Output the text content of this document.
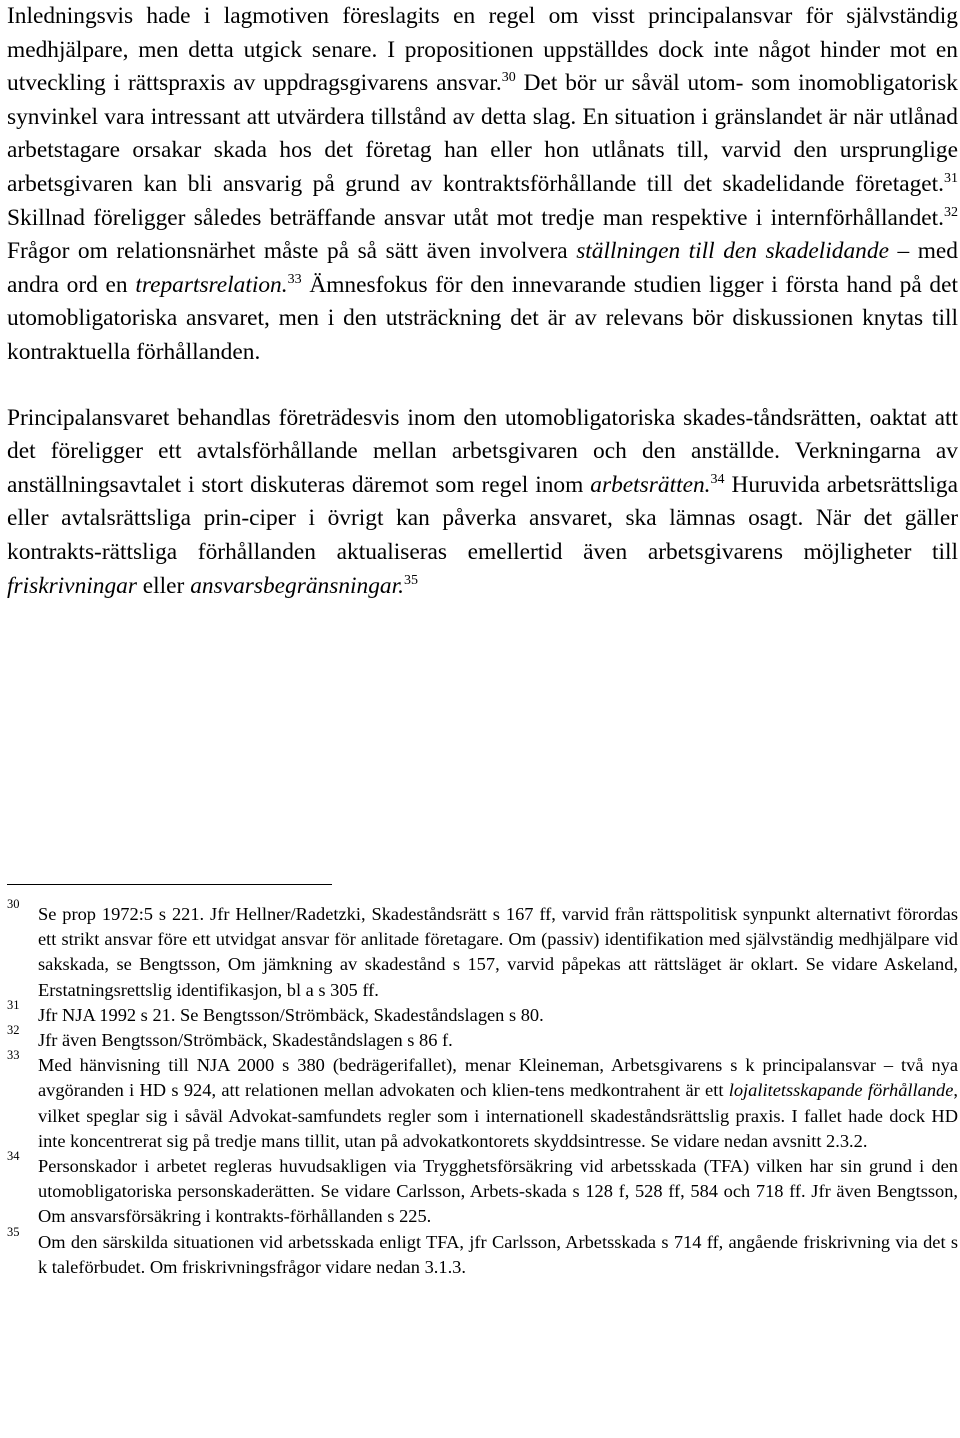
Inledningsvis hade i lagmotiven föreslagits en regel om visst principalansvar för självständig medhjälpare, men detta utgick senare. I propositionen uppställdes dock inte något hinder mot en utveckling i rättspraxis av uppdragsgivarens ansvar.$^{30}$ Det bör ur såväl utom- som inomobligatorisk synvinkel vara intressant att utvärdera tillstånd av detta slag. En situation i gränslandet är när utlånad arbetstagare orsakar skada hos det företag han eller hon utlånats till, varvid den ursprunglige arbetsgivaren kan bli ansvarig på grund av kontraktsförhållande till det skadelidande företaget.$^{31}$ Skillnad föreligger således beträffande ansvar utåt mot tredje man respektive i internförhållandet.$^{32}$ Frågor om relationsnärhet måste på så sätt även involvera ställningen till den skadelidande – med andra ord en trepartsrelation.$^{33}$ Ämnesfokus för den innevarande studien ligger i första hand på det utomobligatoriska ansvaret, men i den utsträckning det är av relevans bör diskussionen knytas till kontraktuella förhållanden.

Principalansvaret behandlas företrädesvis inom den utomobligatoriska skades-tåndsrätten, oaktat att det föreligger ett avtalsförhållande mellan arbetsgivaren och den anställde. Verkningarna av anställningsavtalet i stort diskuteras däremot som regel inom arbetsrätten.$^{34}$ Huruvida arbetsrättsliga eller avtalsrättsliga prin-ciper i övrigt kan påverka ansvaret, ska lämnas osagt. När det gäller kontrakts-rättsliga förhållanden aktualiseras emellertid även arbetsgivarens möjligheter till friskrivningar eller ansvarsbegränsningar.$^{35}$

30 Se prop 1972:5 s 221. Jfr Hellner/Radetzki, Skadeståndsrätt s 167 ff, varvid från rättspolitisk synpunkt alternativt förordas ett strikt ansvar före ett utvidgat ansvar för anlitade företagare. Om (passiv) identifikation med självständig medhjälpare vid sakskada, se Bengtsson, Om jämkning av skadestånd s 157, varvid påpekas att rättsläget är oklart. Se vidare Askeland, Erstatningsrettslig identifikasjon, bl a s 305 ff.

31 Jfr NJA 1992 s 21. Se Bengtsson/Strömbäck, Skadeståndslagen s 80.

32 Jfr även Bengtsson/Strömbäck, Skadeståndslagen s 86 f.

33 Med hänvisning till NJA 2000 s 380 (bedrägerifallet), menar Kleineman, Arbetsgivarens s k principalansvar – två nya avgöranden i HD s 924, att relationen mellan advokaten och klien-tens medkontrahent är ett lojalitetsskapande förhållande, vilket speglar sig i såväl Advokat-samfundets regler som i internationell skadeståndsrättslig praxis. I fallet hade dock HD inte koncentrerat sig på tredje mans tillit, utan på advokatkontorets skyddsintresse. Se vidare nedan avsnitt 2.3.2.

34 Personskador i arbetet regleras huvudsakligen via Trygghetsförsäkring vid arbetsskada (TFA) vilken har sin grund i den utomobligatoriska personskaderätten. Se vidare Carlsson, Arbets-skada s 128 f, 528 ff, 584 och 718 ff. Jfr även Bengtsson, Om ansvarsförsäkring i kontrakts-förhållanden s 225.

35 Om den särskilda situationen vid arbetsskada enligt TFA, jfr Carlsson, Arbetsskada s 714 ff, angående friskrivning via det s k taleförbudet. Om friskrivningsfrågor vidare nedan 3.1.3.
